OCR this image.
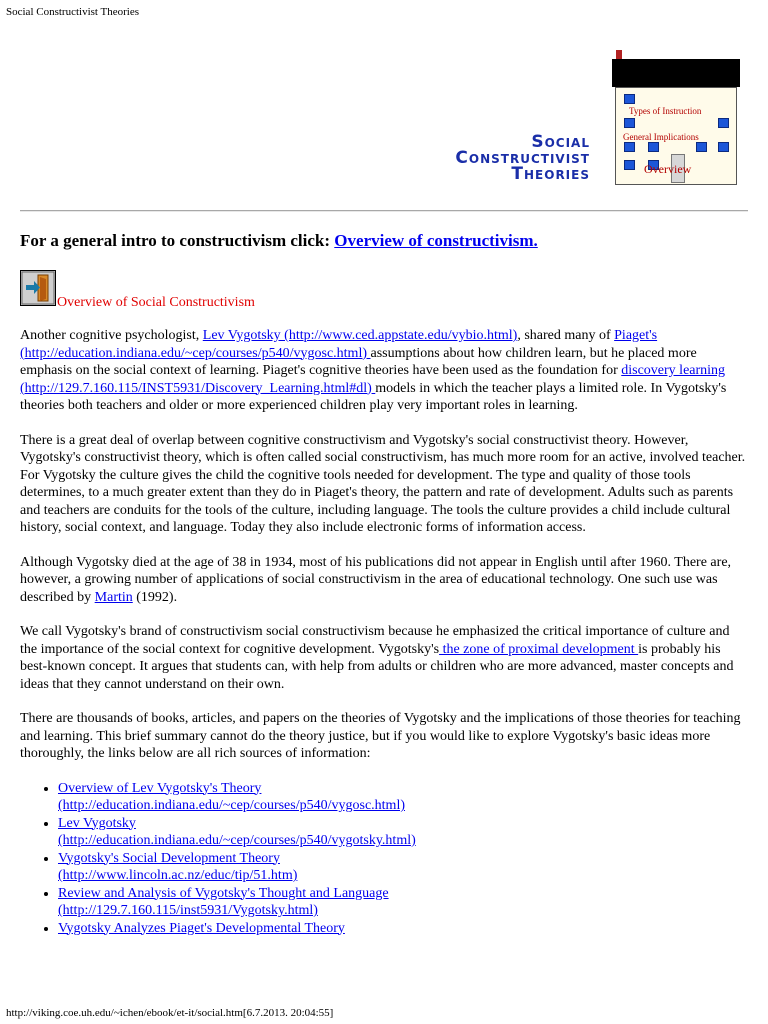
Social Constructivist Theories
Types of Instruction
General Implications
Overview
Social
Constructivist
Theories
For a general intro to constructivism click: Overview of constructivism.
Overview of Social Constructivism

Another cognitive psychologist, Lev Vygotsky (http://www.ced.appstate.edu/vybio.html), shared many of Piaget's (http://education.indiana.edu/~cep/courses/p540/vygosc.html) assumptions about how children learn, but he placed more emphasis on the social context of learning. Piaget's cognitive theories have been used as the foundation for discovery learning (http://129.7.160.115/INST5931/Discovery_Learning.html#dl) models in which the teacher plays a limited role. In Vygotsky's theories both teachers and older or more experienced children play very important roles in learning.

There is a great deal of overlap between cognitive constructivism and Vygotsky's social constructivist theory. However, Vygotsky's constructivist theory, which is often called social constructivism, has much more room for an active, involved teacher. For Vygotsky the culture gives the child the cognitive tools needed for development. The type and quality of those tools determines, to a much greater extent than they do in Piaget's theory, the pattern and rate of development. Adults such as parents and teachers are conduits for the tools of the culture, including language. The tools the culture provides a child include cultural history, social context, and language. Today they also include electronic forms of information access.

Although Vygotsky died at the age of 38 in 1934, most of his publications did not appear in English until after 1960. There are, however, a growing number of applications of social constructivism in the area of educational technology. One such use was described by Martin (1992).

We call Vygotsky's brand of constructivism social constructivism because he emphasized the critical importance of culture and the importance of the social context for cognitive development. Vygotsky's the zone of proximal development is probably his best-known concept. It argues that students can, with help from adults or children who are more advanced, master concepts and ideas that they cannot understand on their own.

There are thousands of books, articles, and papers on the theories of Vygotsky and the implications of those theories for teaching and learning. This brief summary cannot do the theory justice, but if you would like to explore Vygotsky's basic ideas more thoroughly, the links below are all rich sources of information:

• Overview of Lev Vygotsky's Theory
(http://education.indiana.edu/~cep/courses/p540/vygosc.html)
• Lev Vygotsky
(http://education.indiana.edu/~cep/courses/p540/vygotsky.html)
• Vygotsky's Social Development Theory
(http://www.lincoln.ac.nz/educ/tip/51.htm)
• Review and Analysis of Vygotsky's Thought and Language
(http://129.7.160.115/inst5931/Vygotsky.html)
• Vygotsky Analyzes Piaget's Developmental Theory
http://viking.coe.uh.edu/~ichen/ebook/et-it/social.htm[6.7.2013. 20:04:55]
